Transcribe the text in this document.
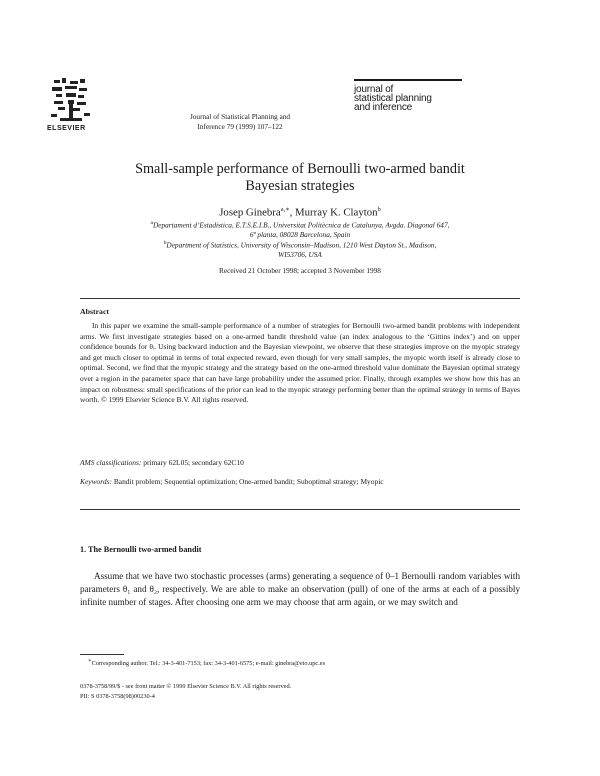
ELSEVIER
Journal of Statistical Planning and
Inference 79 (1999) 107–122
journal of
statistical planning
and inference
Small-sample performance of Bernoulli two-armed bandit
Bayesian strategies
Josep Ginebra$^{a,∗}$, Murray K. Clayton$^b$
$^a$Departament d’Estadística, E.T.S.E.I.B., Universitat Politècnica de Catalunya, Avgda. Diagonal 647,
6ª planta, 08028 Barcelona, Spain
$^b$Department of Statistics, University of Wisconsin–Madison, 1210 West Dayton St., Madison,
WI53706, USA
Received 21 October 1998; accepted 3 November 1998
Abstract
In this paper we examine the small-sample performance of a number of strategies for Bernoulli two-armed bandit problems with independent arms. We first investigate strategies based on a one-armed bandit threshold value (an index analogous to the ‘Gittins index’) and on upper confidence bounds for θᵢ. Using backward induction and the Bayesian viewpoint, we observe that these strategies improve on the myopic strategy and get much closer to optimal in terms of total expected reward, even though for very small samples, the myopic worth itself is already close to optimal. Second, we find that the myopic strategy and the strategy based on the one-armed threshold value dominate the Bayesian optimal strategy over a region in the parameter space that can have large probability under the assumed prior. Finally, through examples we show how this has an impact on robustness: small specifications of the prior can lead to the myopic strategy performing better than the optimal strategy in terms of Bayes worth. © 1999 Elsevier Science B.V. All rights reserved.
AMS classifications: primary 62L05; secondary 62C10
Keywords: Bandit problem; Sequential optimization; One-armed bandit; Suboptimal strategy; Myopic
1. The Bernoulli two-armed bandit
Assume that we have two stochastic processes (arms) generating a sequence of 0–1 Bernoulli random variables with parameters θ₁ and θ₂, respectively. We are able to make an observation (pull) of one of the arms at each of a possibly infinite number of stages. After choosing one arm we may choose that arm again, or we may switch and
∗Corresponding author. Tel.: 34-3-401-7153; fax: 34-3-401-6575; e-mail: ginebra@eio.upc.es
0378-3758/99/$ - see front matter © 1999 Elsevier Science B.V. All rights reserved.
PII: S 0378-3758(98)00230-4
